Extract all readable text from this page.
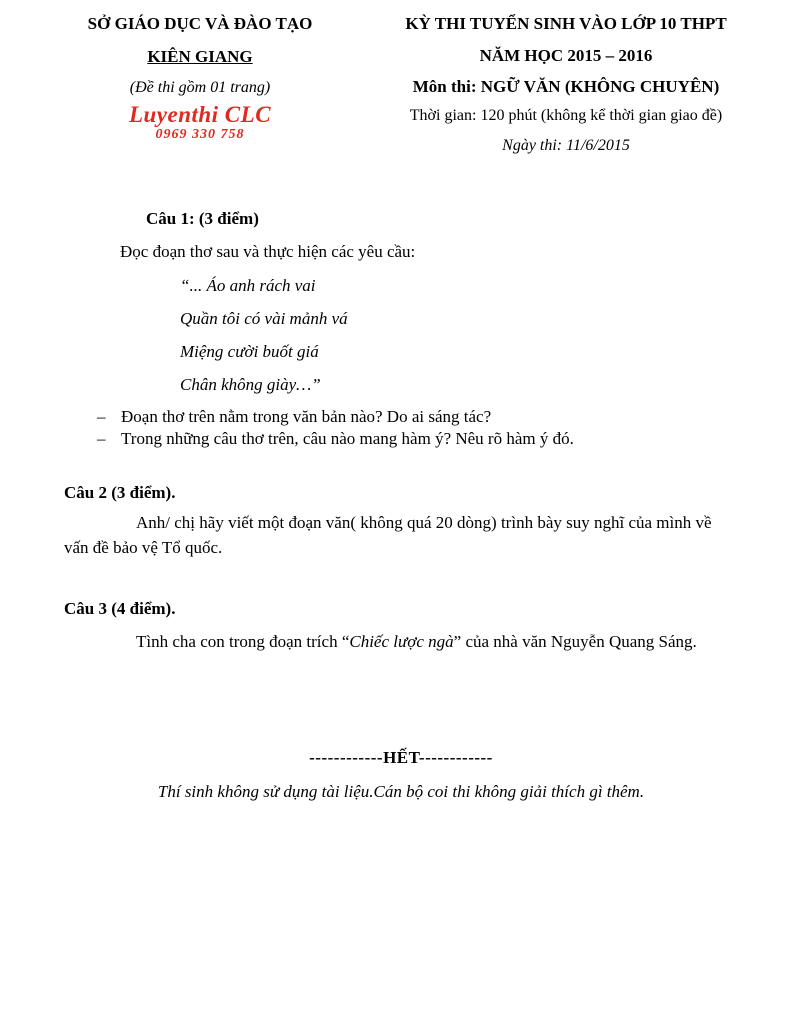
SỞ GIÁO DỤC VÀ ĐÀO TẠO
KIÊN GIANG
(Đề thi gồm 01 trang)
Luyenthi CLC
0969 330 758
KỲ THI TUYỂN SINH VÀO LỚP 10 THPT
NĂM HỌC 2015 – 2016
Môn thi: NGỮ VĂN (KHÔNG CHUYÊN)
Thời gian: 120 phút (không kể thời gian giao đề)
Ngày thi: 11/6/2015
Câu 1: (3 điểm)
Đọc đoạn thơ sau và thực hiện các yêu cầu:
“... Áo anh rách vai
Quần tôi có vài mảnh vá
Miệng cười buốt giá
Chân không giày…”
– Đoạn thơ trên nằm trong văn bản nào? Do ai sáng tác?
– Trong những câu thơ trên, câu nào mang hàm ý? Nêu rõ hàm ý đó.
Câu 2 (3 điểm).
Anh/ chị hãy viết một đoạn văn( không quá 20 dòng) trình bày suy nghĩ của mình về vấn đề bảo vệ Tổ quốc.
Câu 3 (4 điểm).
Tình cha con trong đoạn trích “Chiếc lược ngà” của nhà văn Nguyễn Quang Sáng.
------------HẾT------------
Thí sinh không sử dụng tài liệu.Cán bộ coi thi không giải thích gì thêm.
